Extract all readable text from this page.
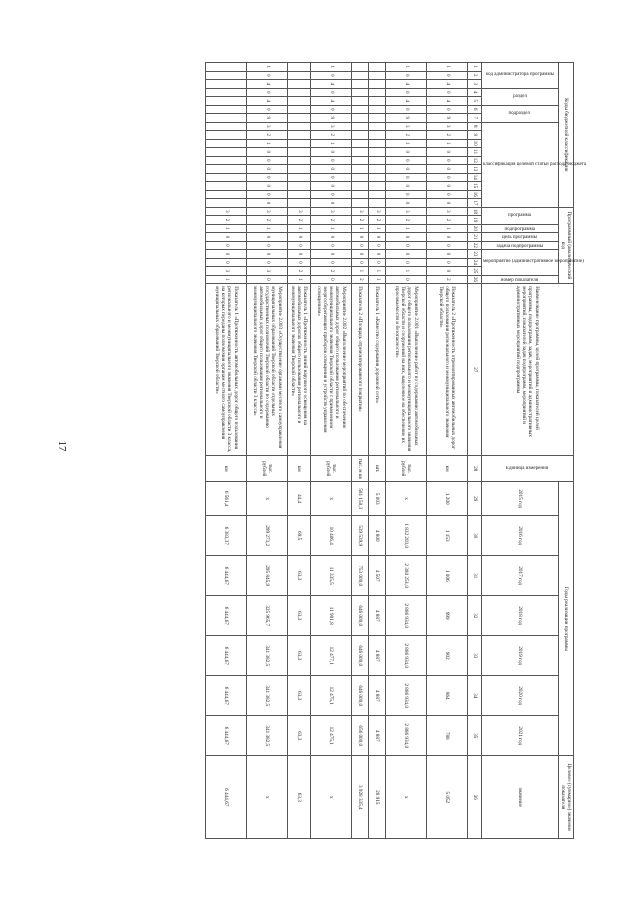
17
Коды бюджетной классификации																	Программный (аналитический код									Наименование программы, целей программы, показателей целей программы, подпрограмм, задач, мероприятий и административных мероприятий, показателей задач подпрограмм, мероприятий и административных мероприятий подпрограммы	Единица измерения	Годы реализации программы							Целевое (суммарное) значение показателя	

код администратора программы			раздел		подраздел		классификация целевой статьи расхода бюджета										программа		подпрограмма	цель программы	задача подпрограммы	мероприятие (административное мероприятие)			номер показателя			2015 год	2016 год	2017 год	2018 год	2019 год	2020 год	2021 год	значение	

1	2	3	4	5	6	7	8	9	10	11	12	13	14	15	16	17	18	19	20	21	22	23	24	25	26	27	28	29	30	31	32	33	34	35	36	
1	0	4	0	4	0	9	3	2	1	0	0	0	0	0	0	0	3	2	1	0	0	0	0	0	2	Показатель 2 «Протяженность отремонтированных автомобильных дорог общего пользования регионального и межмуниципального значения Тверской области»	км	1 200	1 153	1 006	999	902	864	788	5 052	
1	0	4	0	4	0	9	3	2	1	0	0	0	0	0	0	0	3	2	1	0	0	0	0	1	0	Мероприятие 2.001 «Выполнение работ по содержанию автомобильных дорог общего пользования регионального и межмуниципального значения Тверской области и сооружений на них, нацеленное на обеспечение их проезжаемости и безопасности»	тыс. рублей	х	1 832 203,0	2 380 251,0	2 886 934,0	2 886 934,0	2 886 934,0	2 886 934,0	х	
																	3	2	1	0	0	0	0	1	1	Показатель 1 «Качество содержания дорожной сети»	шт.	5 003	4 800	4 507	4 887	4 887	4 887	4 887	28 915	
																	3	2	1	0	0	0	0	1	2	Показатель 2 «Площадь отремонтированного покрытия»	тыс. м кв	581 150,3	539 539,9	753 000,0	646 000,0	646 000,0	646 000,0	656 000,0	3 928 335,4	
1	0	4	0	4	0	9	3	2	1	0	0	0	0	0	0	0	3	2	1	0	0	0	0	2	0	Мероприятие 2.002 «Выполнение мероприятий по обеспечению автомобильных дорог общего пользования регионального и межмуниципального значения Тверской области с применением энергосберегающих приборов освещения и устройств управления освещением»	тыс. рублей	х	10 406,4	11 335,5	11 901,8	12 477,1	12 475,1	12 475,1	х	
																	3	2	1	0	0	0	0	2	1	Показатель 1 «Протяженность линий наружного освещения на автомобильных дорогах общего пользования регионального и межмуниципального значения Тверской области»	км	44,4	69,5	63,3	63,3	63,3	63,3	63,3	63,3	
1	0	4	0	4	0	9	3	2	1	0	0	0	0	0	0	0	3	2	1	0	0	0	0	3	0	Мероприятие 2.003 «Осуществление органами местного самоуправления муниципальных образований Тверской области отдельных государственных полномочий Тверской области по содержанию автомобильных дорог общего пользования регионального и межмуниципального значения Тверской области 3 класса»	тыс. рублей	х	299 273,2	295 845,9	325 965,7	341 382,5	341 382,5	341 382,5	х	
																	3	2	1	0	0	0	0	3	1	Показатель 1 «Протяженность автомобильных дорог общего пользования регионального и межмуниципального значения Тверской области 3 класса, на которых переданы полномочия органам местного самоуправления муниципальных образований Тверской области»	км	6 561,4	6 383,37	6 444,67	6 444,67	6 444,67	6 444,67	6 444,67	6 444,67	
